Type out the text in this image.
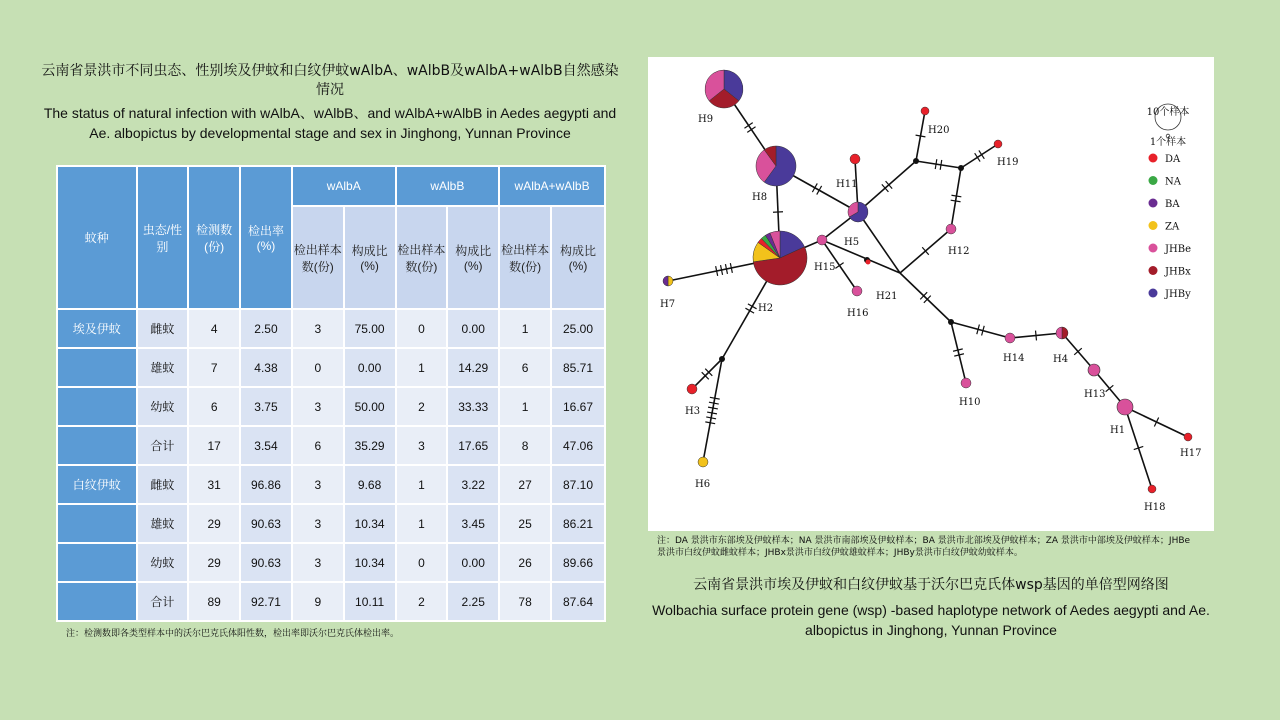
云南省景洪市不同虫态、性别埃及伊蚊和白纹伊蚊wAlbA、wAlbB及wAlbA+wAlbB自然感染情况
The status of natural infection with wAlbA、wAlbB、and wAlbA+wAlbB in Aedes aegypti and Ae. albopictus by developmental stage and sex in Jinghong, Yunnan Province
蚊种	虫态/性别	检测数(份)	检出率(%)	wAlbA		wAlbB		wAlbA+wAlbB	
				检出样本数(份)	构成比(%)	检出样本数(份)	构成比(%)	检出样本数(份)	构成比(%)
埃及伊蚊	雌蚊	4	2.50	3	75.00	0	0.00	1	25.00
	雄蚊	7	4.38	0	0.00	1	14.29	6	85.71
	幼蚊	6	3.75	3	50.00	2	33.33	1	16.67
	合计	17	3.54	6	35.29	3	17.65	8	47.06
白纹伊蚊	雌蚊	31	96.86	3	9.68	1	3.22	27	87.10
	雄蚊	29	90.63	3	10.34	1	3.45	25	86.21
	幼蚊	29	90.63	3	10.34	0	0.00	26	89.66
	合计	89	92.71	9	10.11	2	2.25	78	87.64
注：检测数即各类型样本中的沃尔巴克氏体阳性数，检出率即沃尔巴克氏体检出率。
H1
H2
H3
H4
H5
H6
H7
H8
H9
H10
H11
H12
H13
H14
H15
H16
H17
H18
H19
H20
H21
10个样本
1个样本
DA
NA
BA
ZA
JHBe
JHBx
JHBy
注：DA 景洪市东部埃及伊蚊样本；NA 景洪市南部埃及伊蚊样本；BA 景洪市北部埃及伊蚊样本；ZA 景洪市中部埃及伊蚊样本；JHBe景洪市白纹伊蚊雌蚊样本；JHBx景洪市白纹伊蚊雄蚊样本；JHBy景洪市白纹伊蚊幼蚊样本。
云南省景洪市埃及伊蚊和白纹伊蚊基于沃尔巴克氏体wsp基因的单倍型网络图
Wolbachia surface protein gene (wsp) -based haplotype network of Aedes aegypti and Ae. albopictus in Jinghong, Yunnan Province
